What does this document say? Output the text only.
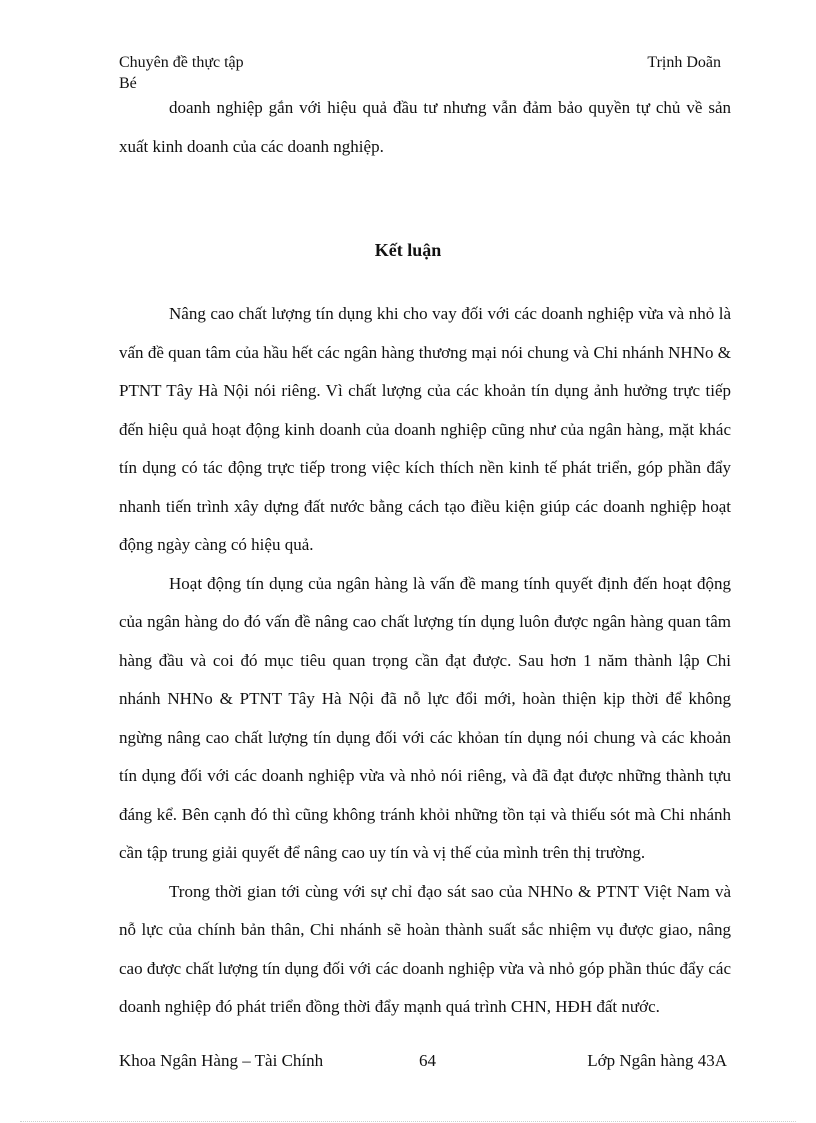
Chuyên đề thực tập	Trịnh Doãn
Bé

doanh nghiệp gắn với hiệu quả đầu tư nhưng vẫn đảm bảo quyền tự chủ về sản xuất kinh doanh của các doanh nghiệp.

Kết luận

Nâng cao chất lượng tín dụng khi cho vay đối với các doanh nghiệp vừa và nhỏ là vấn đề quan tâm của hầu hết các ngân hàng thương mại nói chung và Chi nhánh NHNo & PTNT Tây Hà Nội nói riêng. Vì chất lượng của các khoản tín dụng ảnh hưởng trực tiếp đến hiệu quả hoạt động kinh doanh của doanh nghiệp cũng như của ngân hàng, mặt khác tín dụng có tác động trực tiếp trong việc kích thích nền kinh tế phát triển, góp phần đẩy nhanh tiến trình xây dựng đất nước bằng cách tạo điều kiện giúp các doanh nghiệp hoạt động ngày càng có hiệu quả.

Hoạt động tín dụng của ngân hàng là vấn đề mang tính quyết định đến hoạt động của ngân hàng do đó vấn đề nâng cao chất lượng tín dụng luôn được ngân hàng quan tâm hàng đầu và coi đó mục tiêu quan trọng cần đạt được. Sau hơn 1 năm thành lập Chi nhánh NHNo & PTNT Tây Hà Nội đã nỗ lực đổi mới, hoàn thiện kịp thời để không ngừng nâng cao chất lượng tín dụng đối với các khỏan tín dụng nói chung và các khoản tín dụng đối với các doanh nghiệp vừa và nhỏ nói riêng, và đã đạt được những thành tựu đáng kể. Bên cạnh đó thì cũng không tránh khỏi những tồn tại và thiếu sót mà Chi nhánh cần tập trung giải quyết để nâng cao uy tín và vị thế của mình trên thị trường.

Trong thời gian tới cùng với sự chỉ đạo sát sao của NHNo & PTNT Việt Nam và nỗ lực của chính bản thân, Chi nhánh sẽ hoàn thành suất sắc nhiệm vụ được giao, nâng cao được chất lượng tín dụng đối với các doanh nghiệp vừa và nhỏ góp phần thúc đẩy các doanh nghiệp đó phát triển đồng thời đẩy mạnh quá trình CHN, HĐH đất nước.

Khoa Ngân Hàng – Tài Chính	64	Lớp Ngân hàng 43A
